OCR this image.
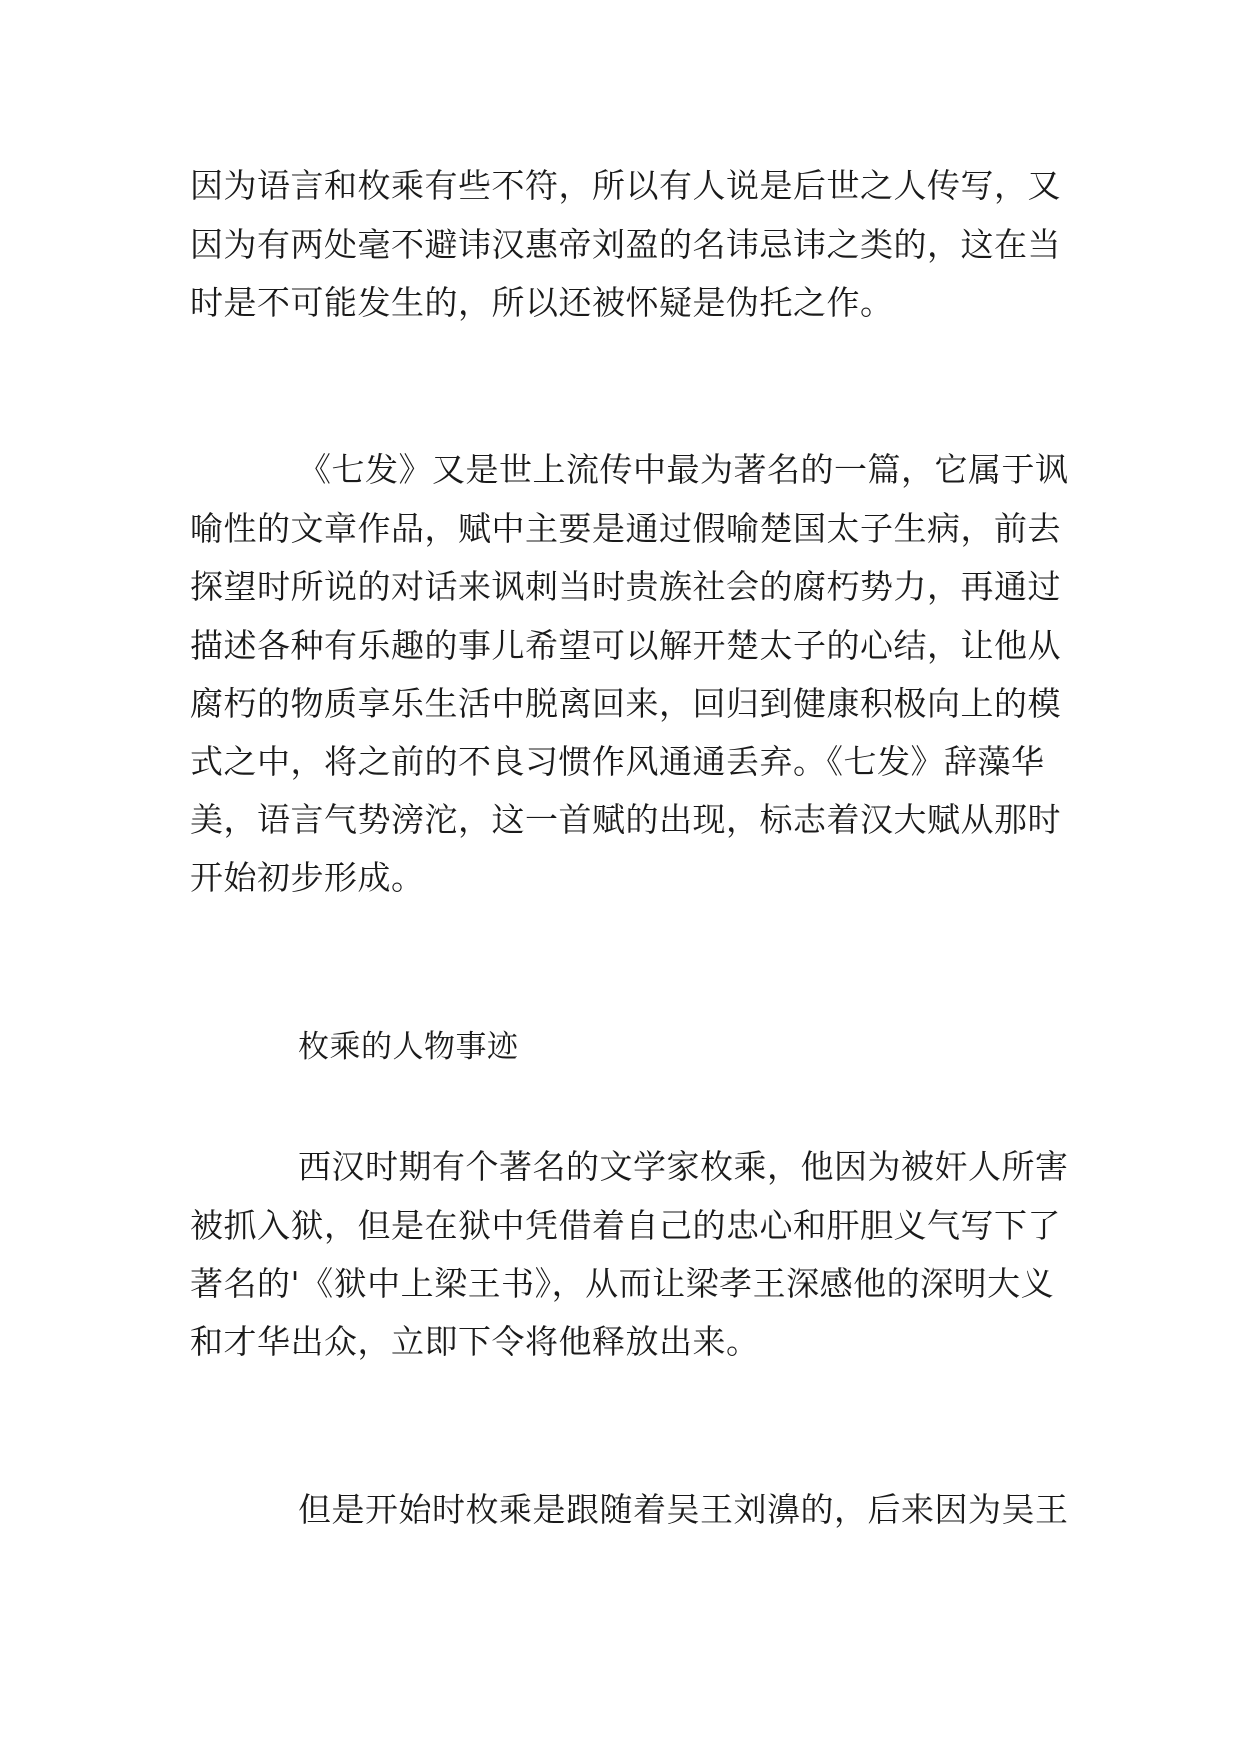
因为语言和枚乘有些不符，所以有人说是后世之人传写，又
因为有两处毫不避讳汉惠帝刘盈的名讳忌讳之类的，这在当
时是不可能发生的，所以还被怀疑是伪托之作。
《七发》又是世上流传中最为著名的一篇，它属于讽
喻性的文章作品，赋中主要是通过假喻楚国太子生病，前去
探望时所说的对话来讽刺当时贵族社会的腐朽势力，再通过
描述各种有乐趣的事儿希望可以解开楚太子的心结，让他从
腐朽的物质享乐生活中脱离回来，回归到健康积极向上的模
式之中，将之前的不良习惯作风通通丢弃。《七发》辞藻华
美，语言气势滂沱，这一首赋的出现，标志着汉大赋从那时
开始初步形成。
枚乘的人物事迹
西汉时期有个著名的文学家枚乘，他因为被奸人所害
被抓入狱，但是在狱中凭借着自己的忠心和肝胆义气写下了
著名的'《狱中上梁王书》，从而让梁孝王深感他的深明大义
和才华出众，立即下令将他释放出来。
但是开始时枚乘是跟随着吴王刘濞的，后来因为吴王
